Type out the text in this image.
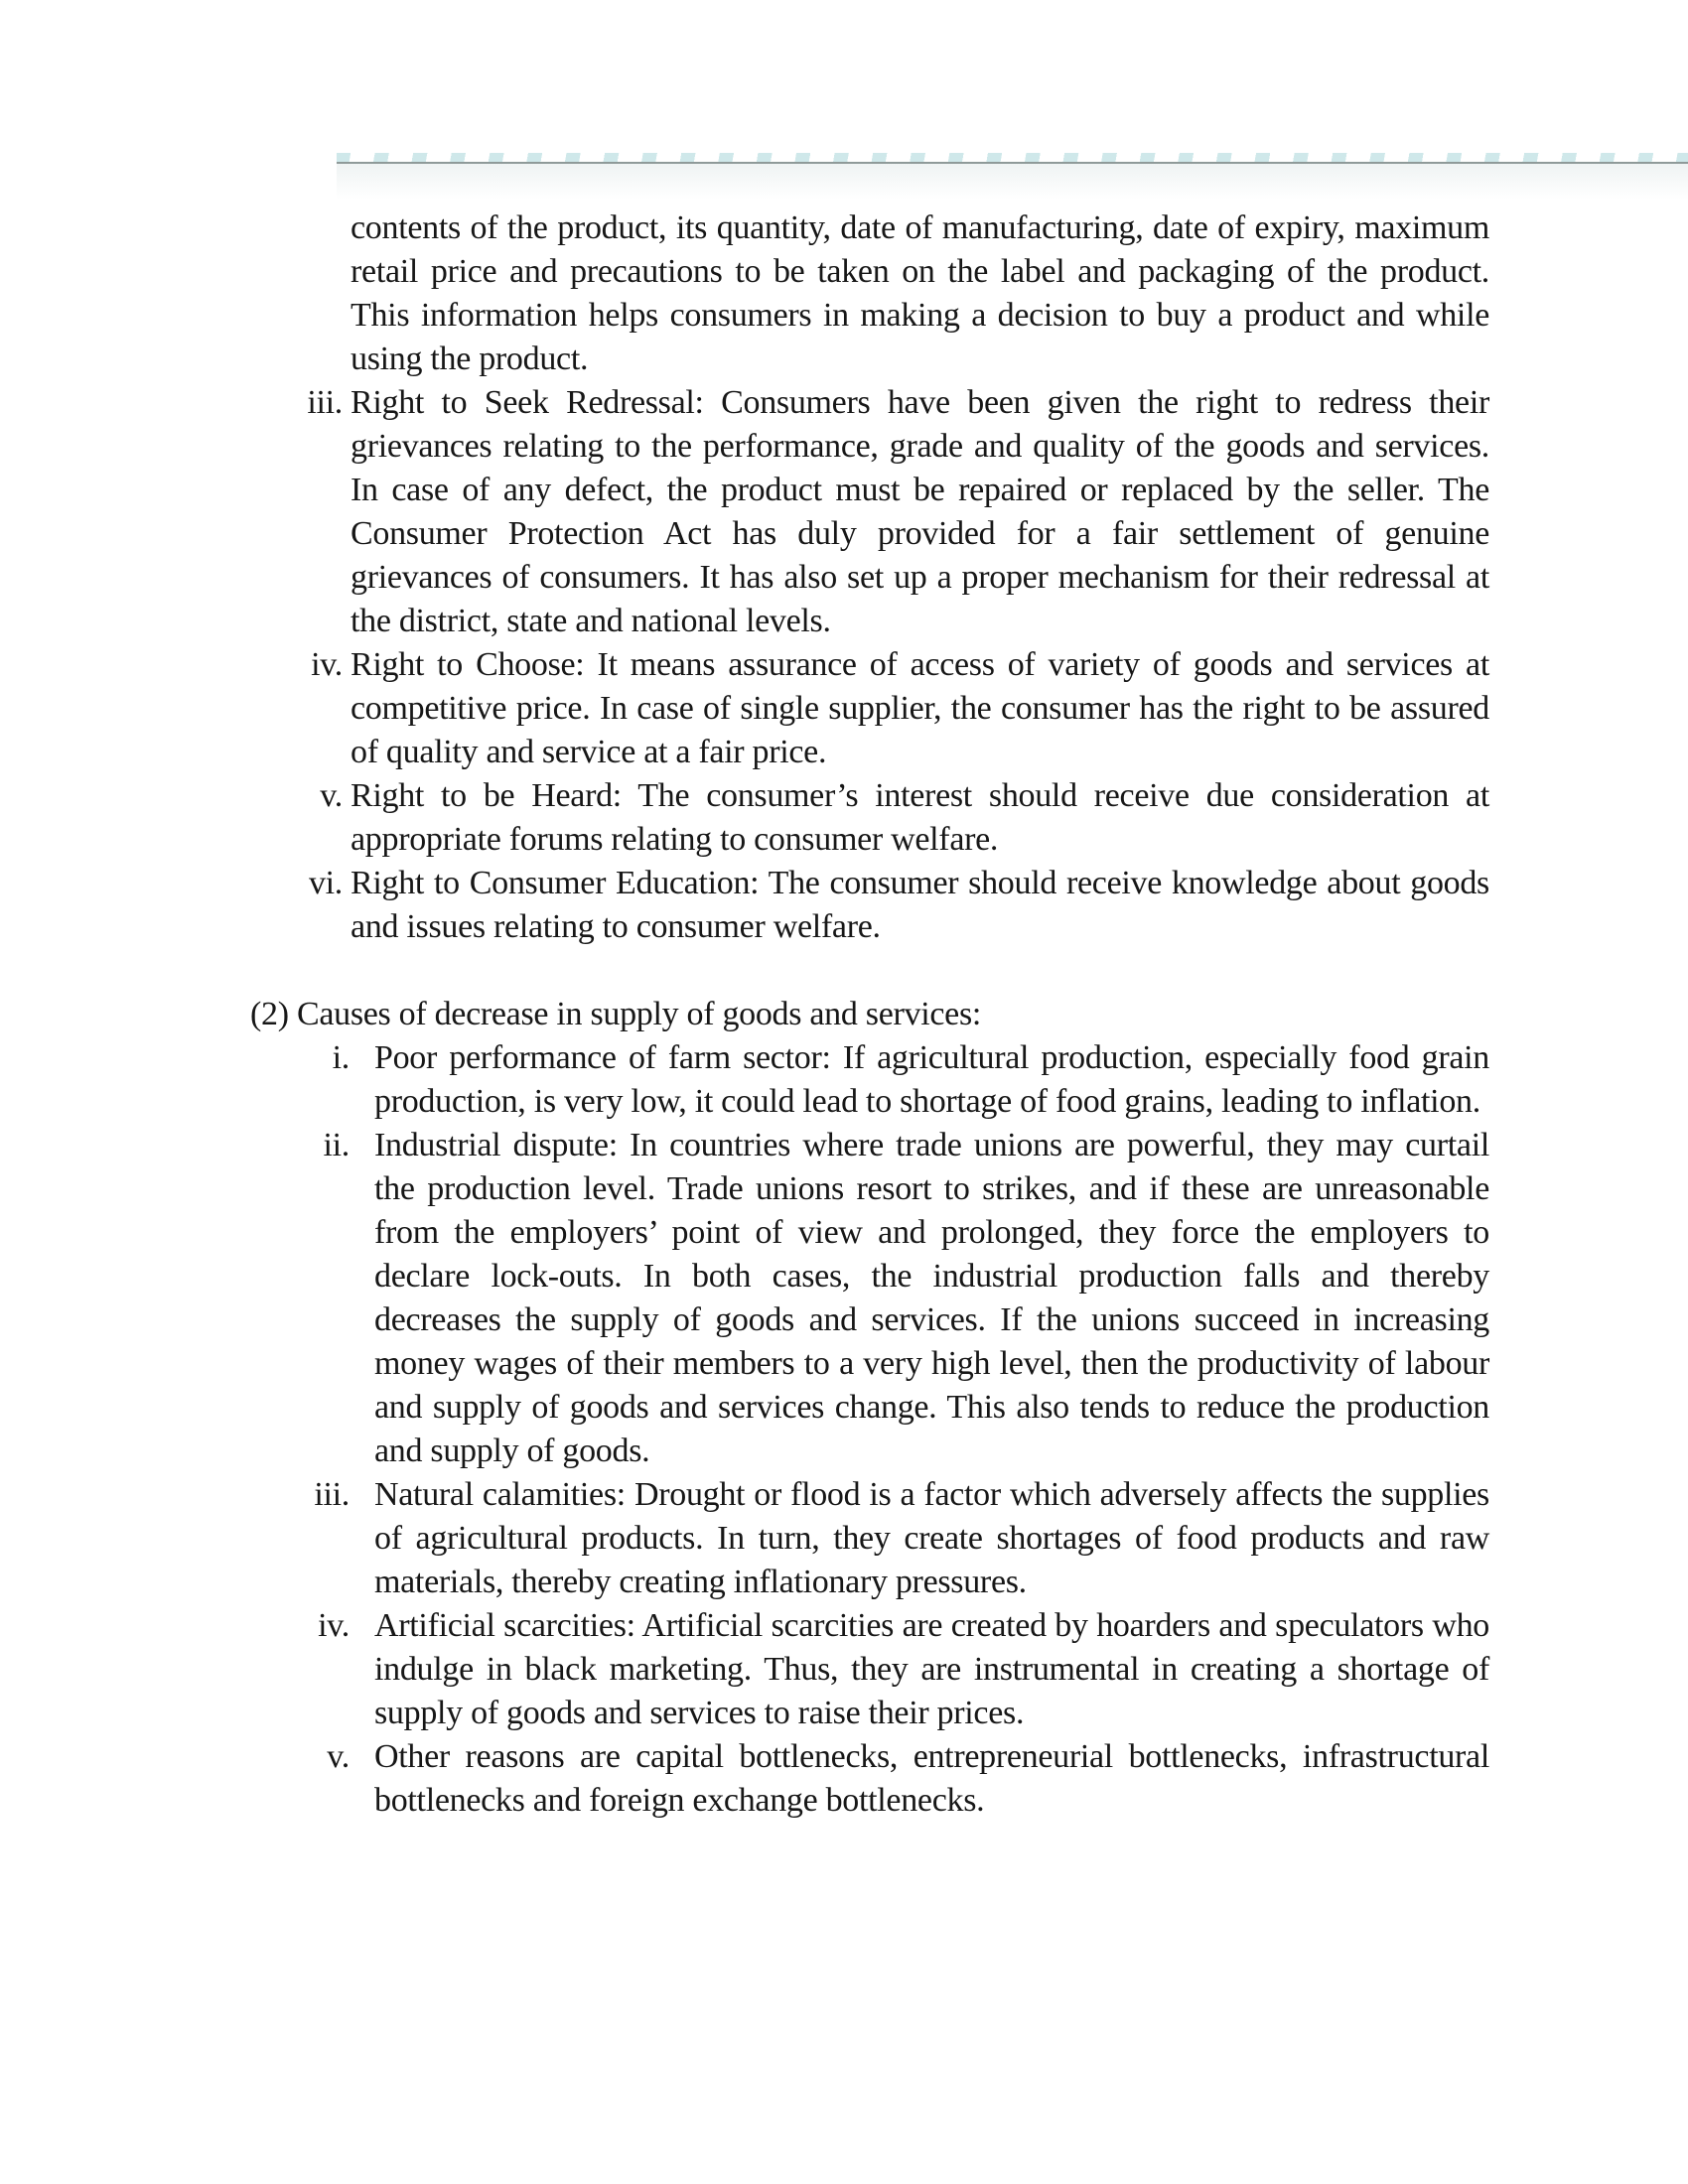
contents of the product, its quantity, date of manufacturing, date of expiry, maximum retail price and precautions to be taken on the label and packaging of the product. This information helps consumers in making a decision to buy a product and while using the product.

iii. Right to Seek Redressal: Consumers have been given the right to redress their grievances relating to the performance, grade and quality of the goods and services. In case of any defect, the product must be repaired or replaced by the seller. The Consumer Protection Act has duly provided for a fair settlement of genuine grievances of consumers. It has also set up a proper mechanism for their redressal at the district, state and national levels.
iv. Right to Choose: It means assurance of access of variety of goods and services at competitive price. In case of single supplier, the consumer has the right to be assured of quality and service at a fair price.
v. Right to be Heard: The consumer’s interest should receive due consideration at appropriate forums relating to consumer welfare.
vi. Right to Consumer Education: The consumer should receive knowledge about goods and issues relating to consumer welfare.

(2) Causes of decrease in supply of goods and services:

i. Poor performance of farm sector: If agricultural production, especially food grain production, is very low, it could lead to shortage of food grains, leading to inflation.
ii. Industrial dispute: In countries where trade unions are powerful, they may curtail the production level. Trade unions resort to strikes, and if these are unreasonable from the employers’ point of view and prolonged, they force the employers to declare lock-outs. In both cases, the industrial production falls and thereby decreases the supply of goods and services. If the unions succeed in increasing money wages of their members to a very high level, then the productivity of labour and supply of goods and services change. This also tends to reduce the production and supply of goods.
iii. Natural calamities: Drought or flood is a factor which adversely affects the supplies of agricultural products. In turn, they create shortages of food products and raw materials, thereby creating inflationary pressures.
iv. Artificial scarcities: Artificial scarcities are created by hoarders and speculators who indulge in black marketing. Thus, they are instrumental in creating a shortage of supply of goods and services to raise their prices.
v. Other reasons are capital bottlenecks, entrepreneurial bottlenecks, infrastructural bottlenecks and foreign exchange bottlenecks.
